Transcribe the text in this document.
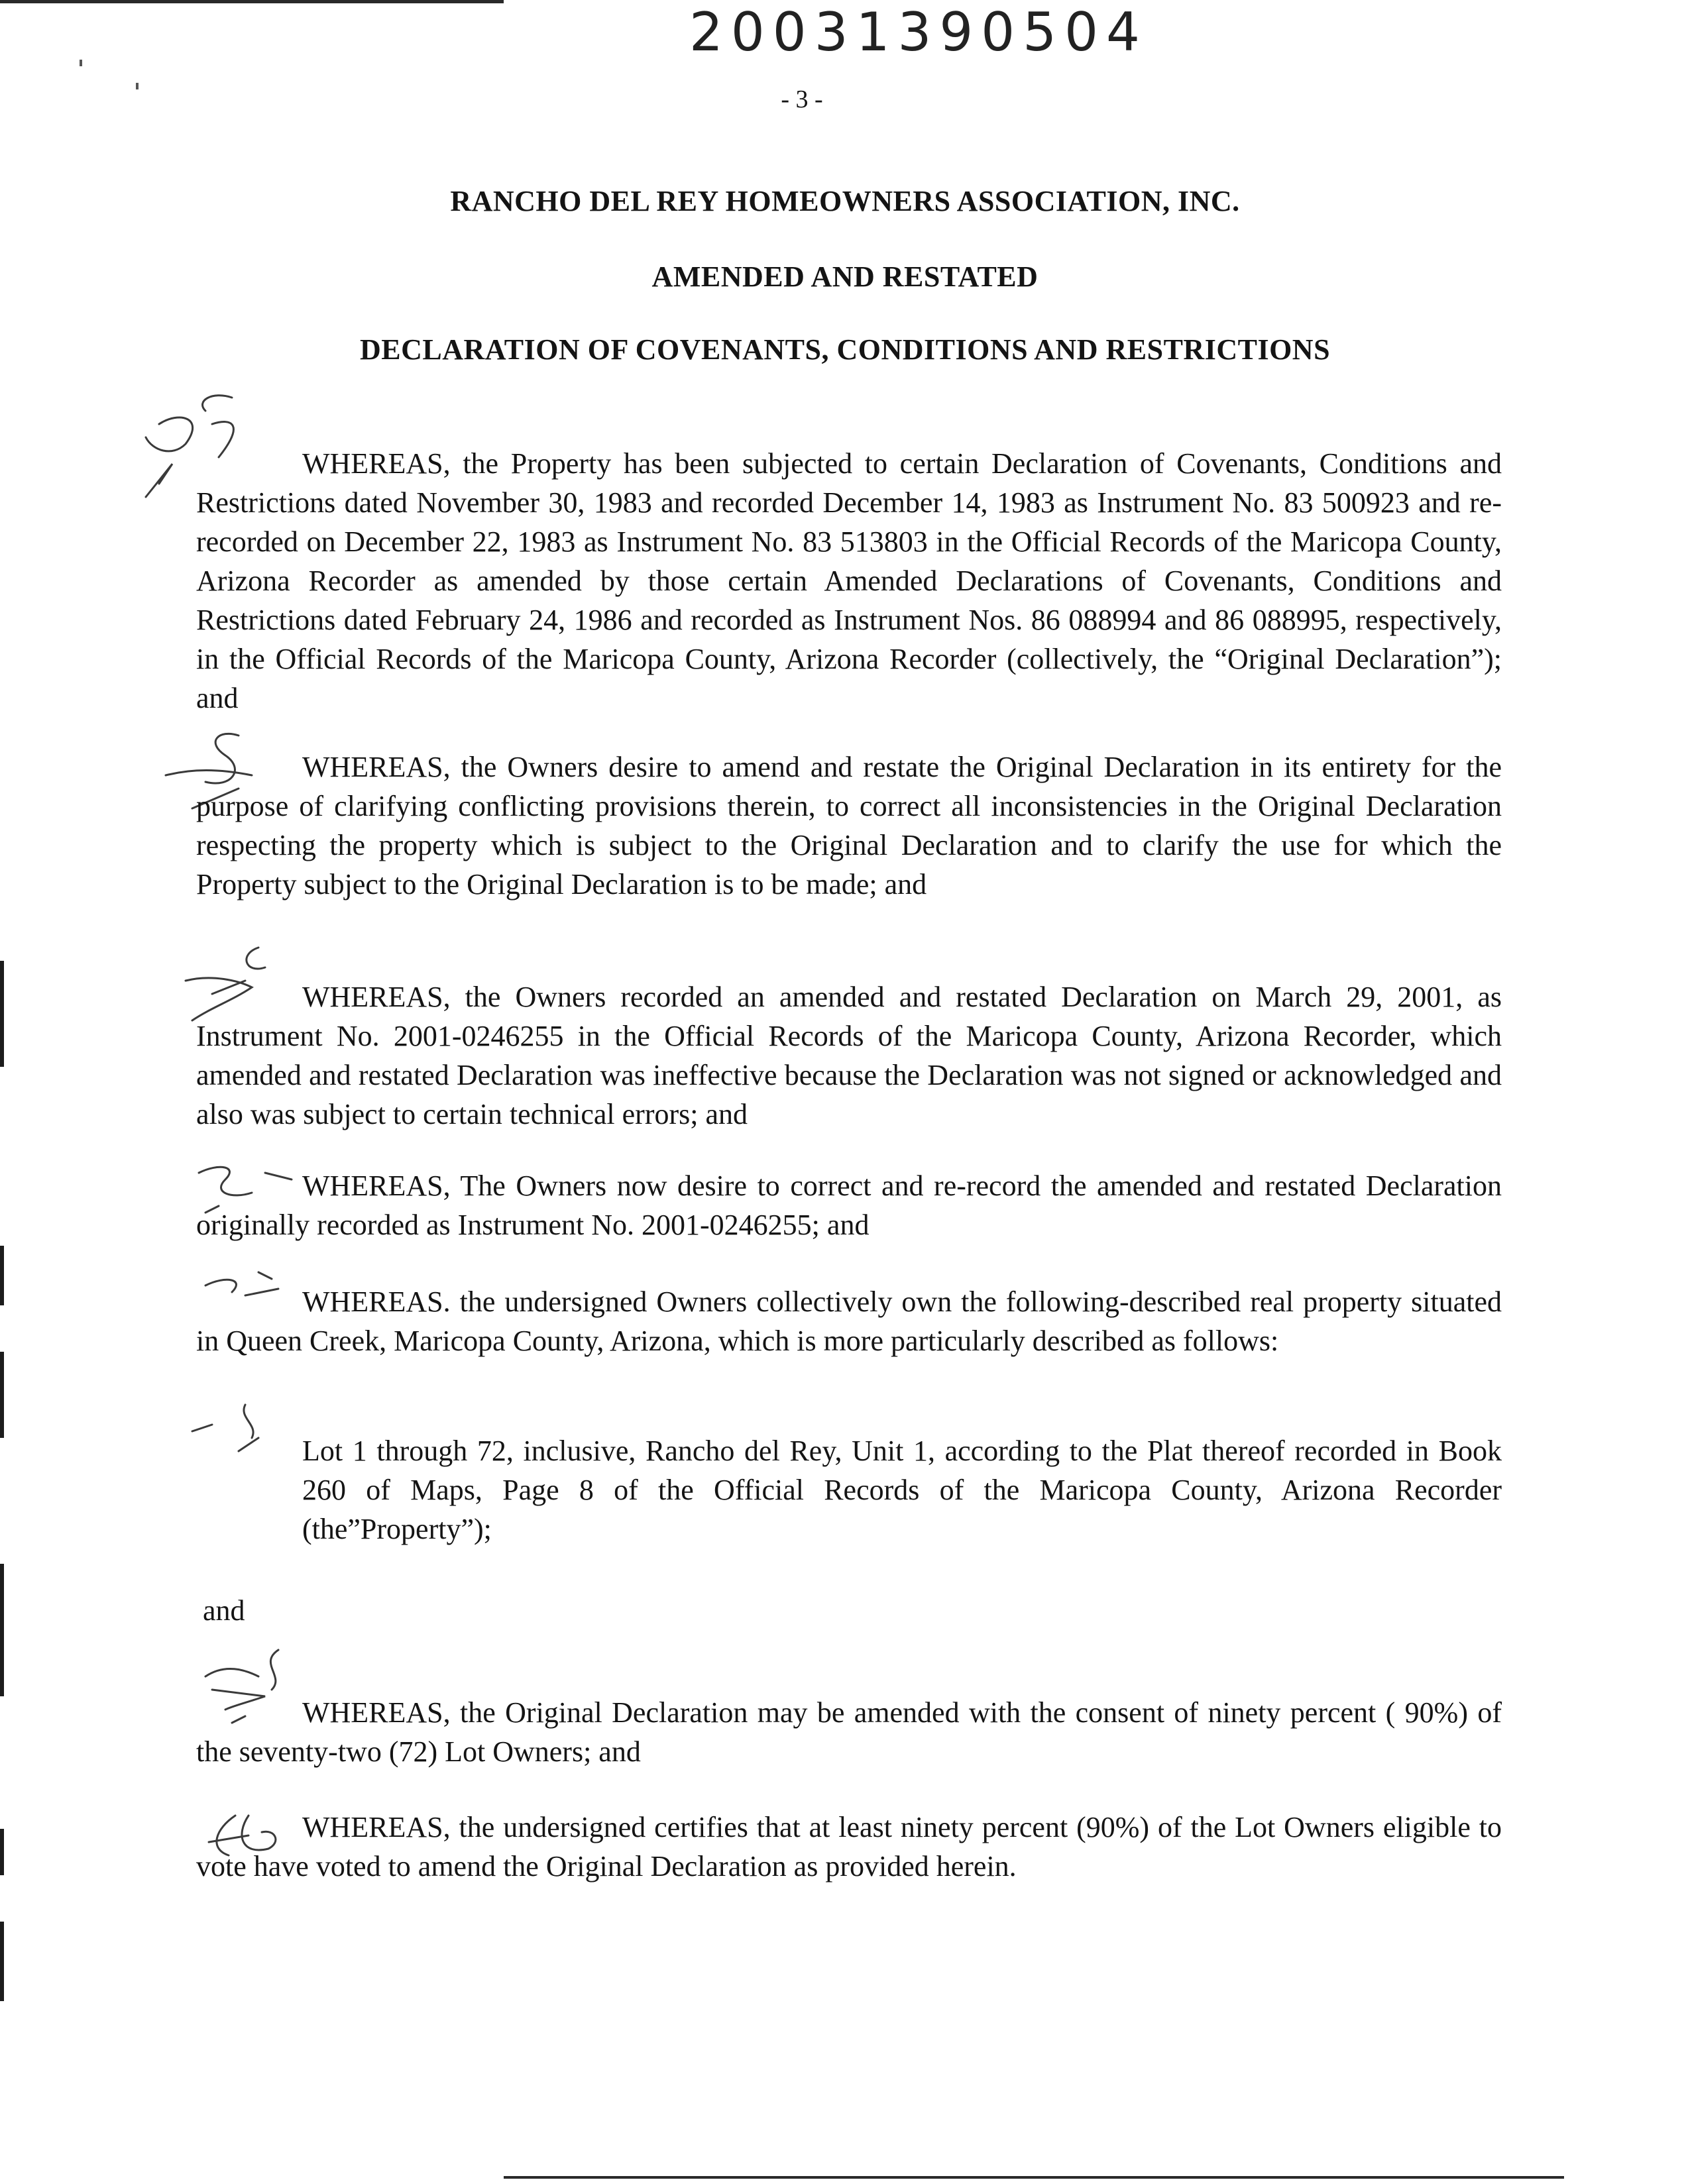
20031390504
- 3 -
RANCHO DEL REY HOMEOWNERS ASSOCIATION, INC.
AMENDED AND RESTATED
DECLARATION OF COVENANTS, CONDITIONS AND RESTRICTIONS
WHEREAS, the Property has been subjected to certain Declaration of Covenants, Conditions and Restrictions dated November 30, 1983 and recorded December 14, 1983 as Instrument No. 83 500923 and re-recorded on December 22, 1983 as Instrument No. 83 513803 in the Official Records of the Maricopa County, Arizona Recorder as amended by those certain Amended Declarations of Covenants, Conditions and Restrictions dated February 24, 1986 and recorded as Instrument Nos. 86 088994 and 86 088995, respectively, in the Official Records of the Maricopa County, Arizona Recorder (collectively, the “Original Declaration”); and
WHEREAS, the Owners desire to amend and restate the Original Declaration in its entirety for the purpose of clarifying conflicting provisions therein, to correct all inconsistencies in the Original Declaration respecting the property which is subject to the Original Declaration and to clarify the use for which the Property subject to the Original Declaration is to be made; and
WHEREAS, the Owners recorded an amended and restated Declaration on March 29, 2001, as Instrument No. 2001-0246255 in the Official Records of the Maricopa County, Arizona Recorder, which amended and restated Declaration was ineffective because the Declaration was not signed or acknowledged and also was subject to certain technical errors; and
WHEREAS, The Owners now desire to correct and re-record the amended and restated Declaration originally recorded as Instrument No. 2001-0246255; and
WHEREAS. the undersigned Owners collectively own the following-described real property situated in Queen Creek, Maricopa County, Arizona, which is more particularly described as follows:
Lot 1 through 72, inclusive, Rancho del Rey, Unit 1, according to the Plat thereof recorded in Book 260 of Maps, Page 8 of the Official Records of the Maricopa County, Arizona Recorder (the”Property”);
and
WHEREAS, the Original Declaration may be amended with the consent of ninety percent ( 90%) of the seventy-two (72) Lot Owners; and
WHEREAS, the undersigned certifies that at least ninety percent (90%) of the Lot Owners eligible to vote have voted to amend the Original Declaration as provided herein.
